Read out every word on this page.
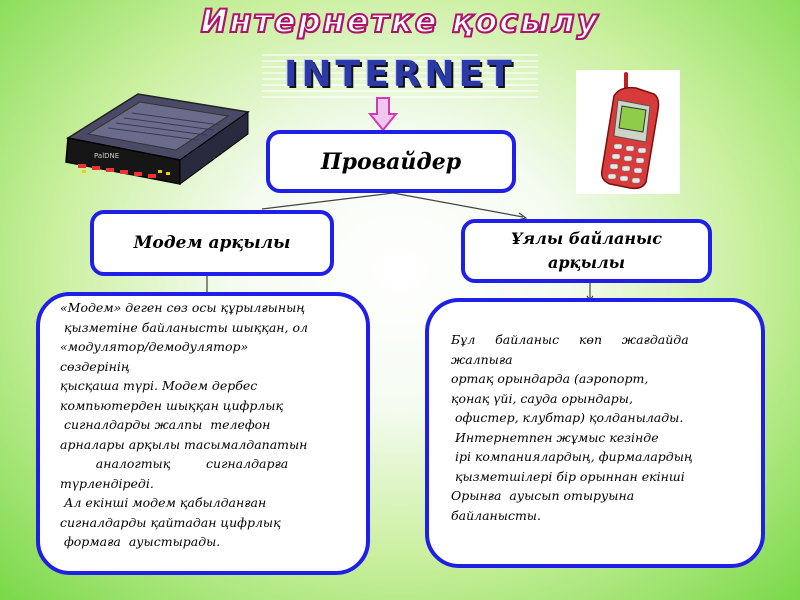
Интернетке қосылу
INTERNET
PalDNE	Провайдер
Модем арқылы	Ұялы байланыс арқылы

«Модем» деген сөз осы құрылғының

қызметіне байланысты шыққан, ол

«модулятор/демодулятор»

сөздерінің

қысқаша түрі. Модем дербес

компьютерден шыққан цифрлық

сигналдарды жалпы  телефон

арналары арқылы тасымалдапатын

аналогтық         сигналдарға

түрлендіреді.

Ал екінші модем қабылданған

сигналдарды қайтадан цифрлық

формаға  ауыстырады.

Бұл     байланыс     көп     жағдайда

жалпыға

ортақ орындарда (аэропорт,

қонақ үйі, сауда орындары,

офистер, клубтар) қолданылады.

Интернетпен жұмыс кезінде

ірі компаниялардың, фирмалардың

қызметшілері бір орыннан екінші

Орынға  ауысып отыруына

байланысты.
